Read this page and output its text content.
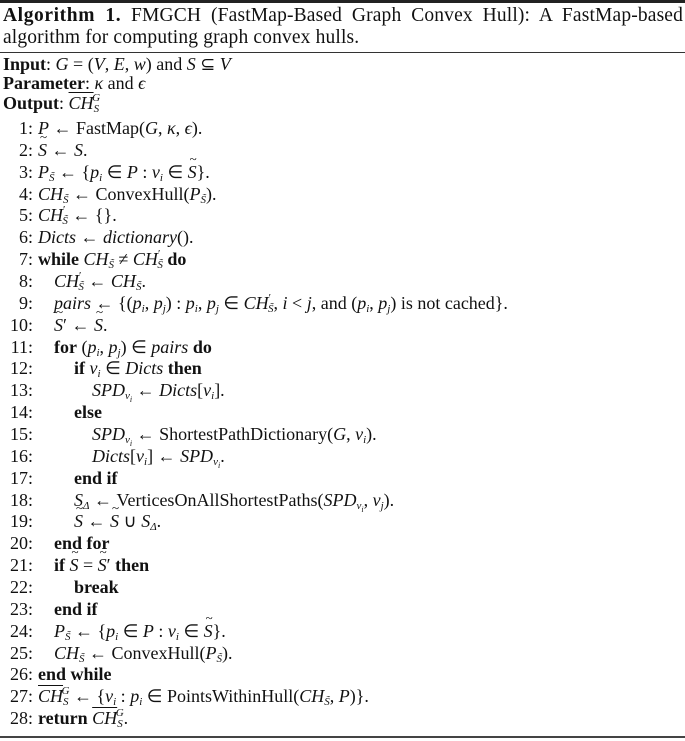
Algorithm 1. FMGCH (FastMap-Based Graph Convex Hull): A FastMap-based algorithm for computing graph convex hulls.
Input: G = (V, E, w) and S ⊆ V
Parameter: κ and ϵ
Output: $\overline{CH}_S^G$
1: P ← FastMap(G, κ, ϵ).
2: S ~ ← S.
3: $P_{S̃}$ ← {$p_i$ ∈ P : $v_i$ ∈ S ~}.
4: $CH_{S̃}$ ← $ConvexHull(P_{S̃})$.
5: $CH'_{S̃}$ ← {}.
6: Dicts ← dictionary().
7: while $CH_{S̃} \ne CH'_{S̃}$ do
8: $CH'_{S̃}$ ← $CH_{S̃}$.
9: pairs ← {($p_i$, $p_j$) : $p_i$, $p_j$ ∈ $CH'_{S̃}$, i < j, and ($p_i$, $p_j$) is not cached}.
10: S ~′ ← S ~.
11: for ($p_i$, $p_j$) ∈ pairs do
12: if $v_i$ ∈ Dicts then
13:	$SPD_{v_i}$ ← $Dicts[v_i]$.
14: else
15:	$SPD_{v_i}$ ← ShortestPathDictionary(G, $v_i$).
16:	$Dicts[v_i]$ ← $SPD_{v_i}$.
17: end if
18: $S_\Delta$ ← $VerticesOnAllShortestPaths(SPD_{v_i}$, $v_j$).
19: S ~ ← S ~ ∪ $S_\Delta$.
20: end for
21: if S ~ = S ~′ then
22: break
23: end if
24: $P_{S̃}$ ← {$p_i$ ∈ P : $v_i$ ∈ S ~}.
25: $CH_{S̃}$ ← $ConvexHull(P_{S̃})$.
26: end while
27: $\overline{CH}_S^G$ ← {$v_i$ : $p_i$ ∈ $PointsWithinHull(CH_{S̃}$, P)}.
28: return $\overline{CH}_S^G$.
